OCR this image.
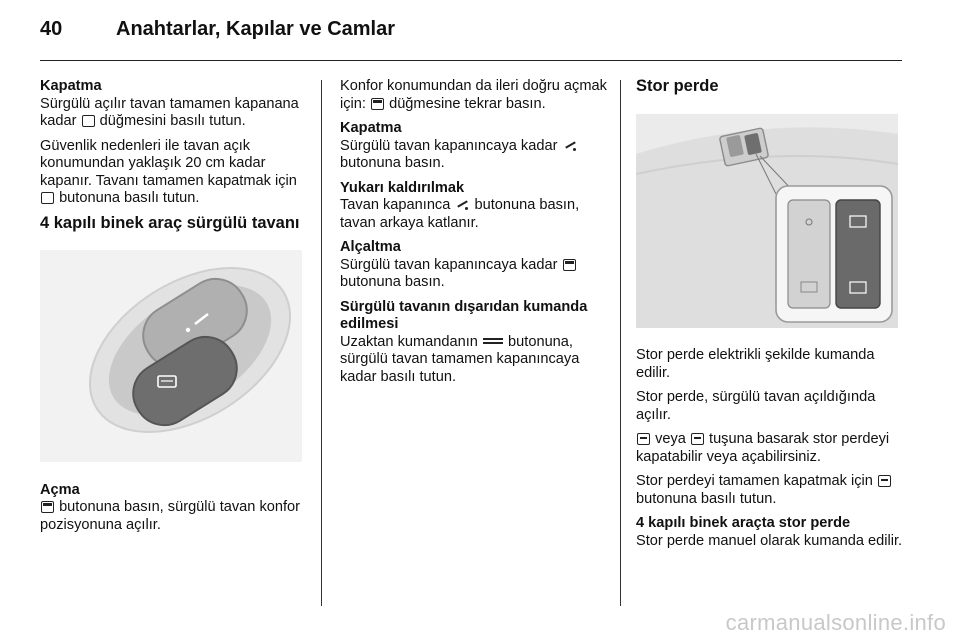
40	Anahtarlar, Kapılar ve Camlar
Kapatma

Sürgülü açılır tavan tamamen kapanana kadar düğmesini basılı tutun.

Güvenlik nedenleri ile tavan açık konumundan yaklaşık 20 cm kadar kapanır. Tavanı tamamen kapatmak için  butonuna basılı tutun.

4 kapılı binek araç sürgülü tavanı
Açma

butonuna basın, sürgülü tavan konfor pozisyonuna açılır.

Konfor konumundan da ileri doğru açmak için: düğmesine tekrar basın.

Kapatma

Sürgülü tavan kapanıncaya kadar  butonuna basın.

Yukarı kaldırılmak

Tavan kapanınca butonuna basın, tavan arkaya katlanır.

Alçaltma

Sürgülü tavan kapanıncaya kadar  butonuna basın.

Sürgülü tavanın dışarıdan kumanda edilmesi

Uzaktan kumandanın butonuna, sürgülü tavan tamamen kapanıncaya kadar basılı tutun.

Stor perde

Stor perde elektrikli şekilde kumanda edilir.

Stor perde, sürgülü tavan açıldığında açılır.

veya tuşuna basarak stor perdeyi kapatabilir veya açabilirsiniz.

Stor perdeyi tamamen kapatmak için  butonuna basılı tutun.

4 kapılı binek araçta stor perde

Stor perde manuel olarak kumanda edilir.

carmanualsonline.info
